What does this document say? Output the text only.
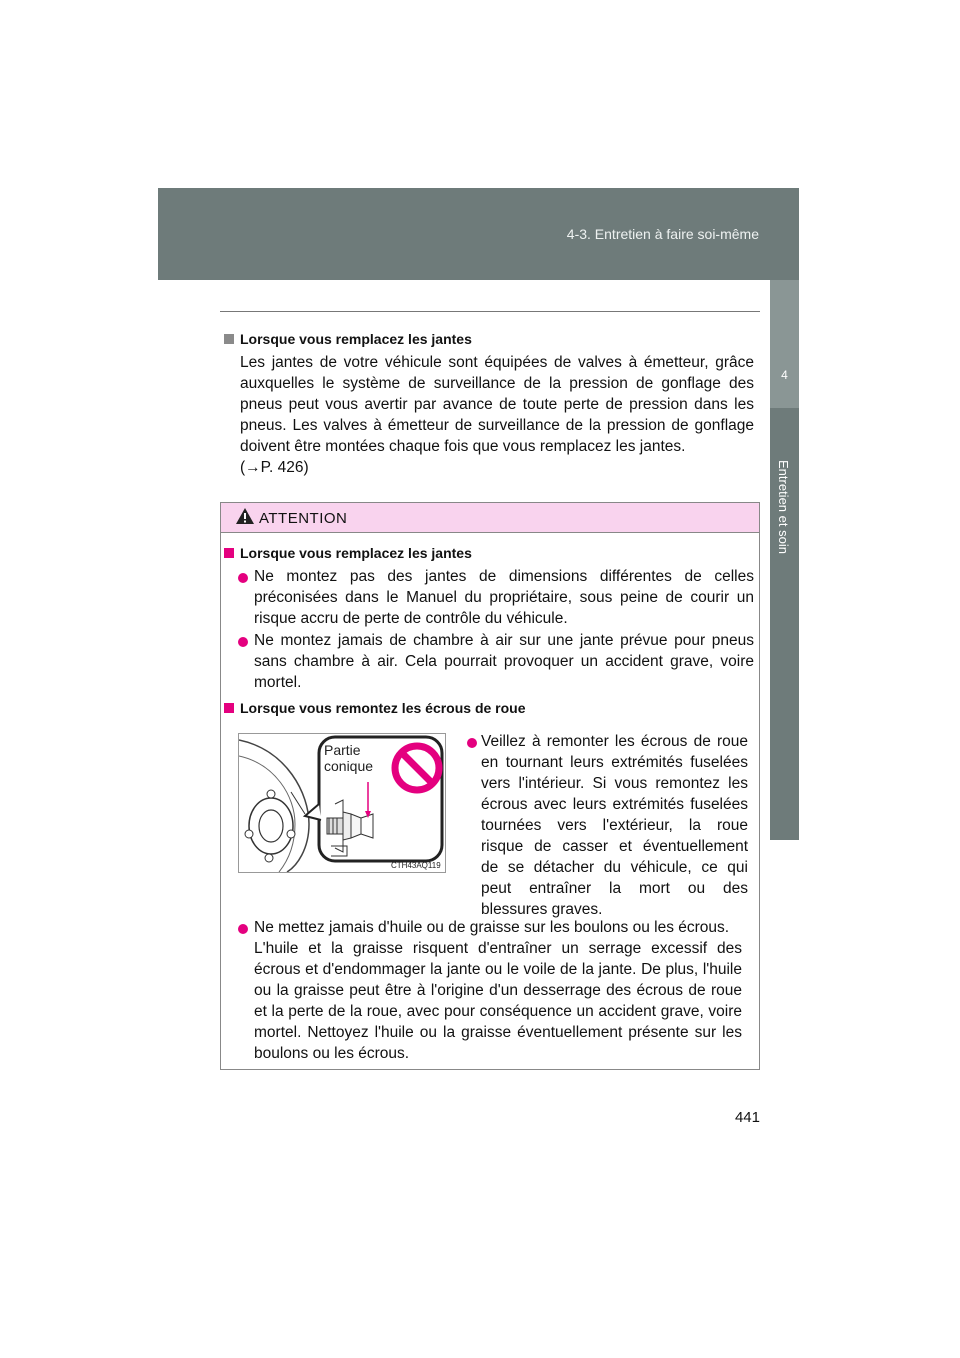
4-3. Entretien à faire soi-même
4
Entretien et soin
Lorsque vous remplacez les jantes
Les jantes de votre véhicule sont équipées de valves à émetteur, grâce
auxquelles le système de surveillance de la pression de gonflage des
pneus peut vous avertir par avance de toute perte de pression dans les
pneus. Les valves à émetteur de surveillance de la pression de gonflage
doivent être montées chaque fois que vous remplacez les jantes.
(→P. 426)
ATTENTION
Lorsque vous remplacez les jantes
Ne montez pas des jantes de dimensions différentes de celles
préconisées dans le Manuel du propriétaire, sous peine de courir un
risque accru de perte de contrôle du véhicule.
Ne montez jamais de chambre à air sur une jante prévue pour pneus
sans chambre à air. Cela pourrait provoquer un accident grave, voire
mortel.
Lorsque vous remontez les écrous de roue
Partie
conique
CTH43AQ119
Veillez à remonter les écrous de roue
en tournant leurs extrémités fuselées
vers l'intérieur. Si vous remontez les
écrous avec leurs extrémités fuselées
tournées vers l'extérieur, la roue
risque de casser et éventuellement
de se détacher du véhicule, ce qui
peut entraîner la mort ou des
blessures graves.
Ne mettez jamais d'huile ou de graisse sur les boulons ou les écrous.
L'huile et la graisse risquent d'entraîner un serrage excessif des
écrous et d'endommager la jante ou le voile de la jante. De plus, l'huile
ou la graisse peut être à l'origine d'un desserrage des écrous de roue
et la perte de la roue, avec pour conséquence un accident grave, voire
mortel. Nettoyez l'huile ou la graisse éventuellement présente sur les
boulons ou les écrous.
441
